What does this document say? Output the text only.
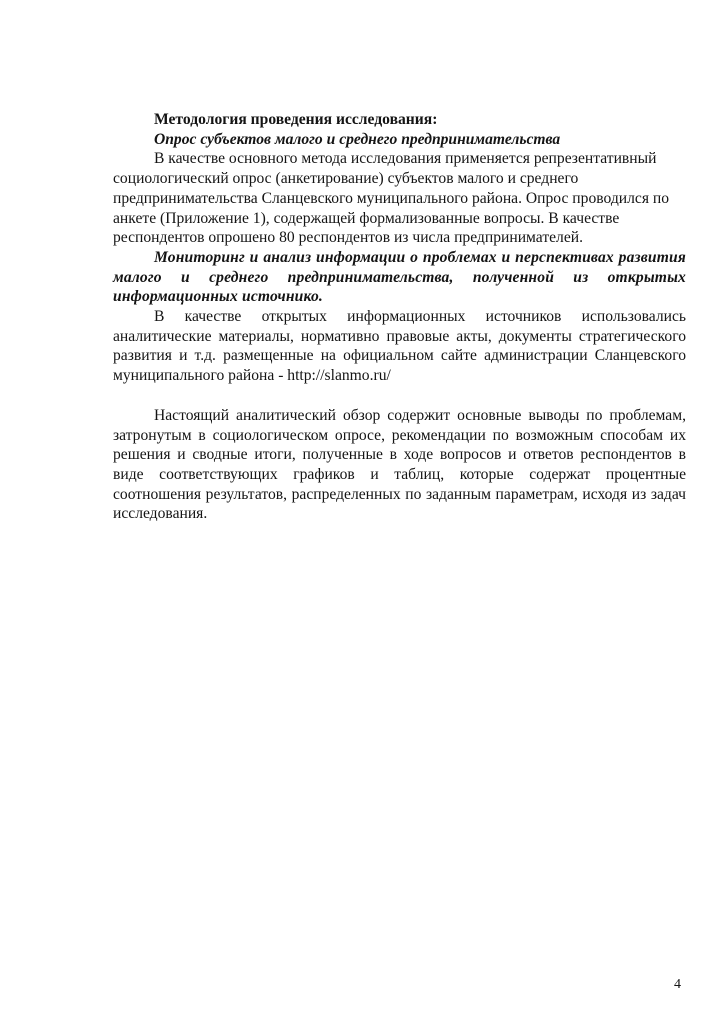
Методология проведения исследования:

Опрос субъектов малого и среднего предпринимательства

В качестве основного метода исследования применяется репрезентативный социологический опрос (анкетирование) субъектов малого и среднего предпринимательства Сланцевского муниципального района. Опрос проводился по анкете (Приложение 1), содержащей формализованные вопросы. В качестве респондентов опрошено 80 респондентов из числа предпринимателей.

Мониторинг и анализ информации о проблемах и перспективах развития малого и среднего предпринимательства, полученной из открытых информационных источнико.

В качестве открытых информационных источников использовались аналитические материалы, нормативно правовые акты, документы стратегического развития и т.д. размещенные на официальном сайте администрации Сланцевского муниципального района - http://slanmo.ru/

Настоящий аналитический обзор содержит основные выводы по проблемам, затронутым в социологическом опросе, рекомендации по возможным способам их решения и сводные итоги, полученные в ходе вопросов и ответов респондентов в виде соответствующих графиков и таблиц, которые содержат процентные соотношения результатов, распределенных по заданным параметрам, исходя из задач исследования.

4
